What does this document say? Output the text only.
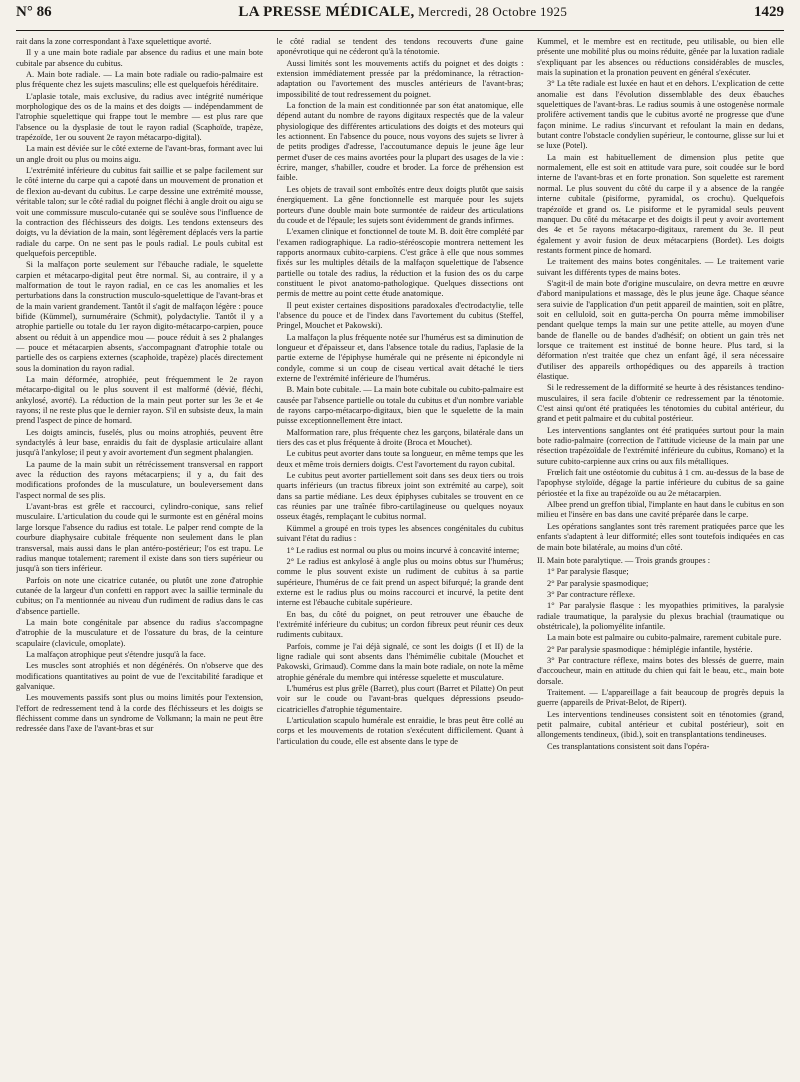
N° 86	LA PRESSE MÉDICALE, Mercredi, 28 Octobre 1925	1429

rait dans la zone correspondant à l'axe squelettique avorté.

Il y a une main bote radiale par absence du radius et une main bote cubitale par absence du cubitus.

A. Main bote radiale. — La main bote radiale ou radio-palmaire est plus fréquente chez les sujets masculins; elle est quelquefois héréditaire.

L'aplasie totale, mais exclusive, du radius avec intégrité numérique morphologique des os de la mains et des doigts — indépendamment de l'atrophie squelettique qui frappe tout le membre — est plus rare que l'absence ou la dysplasie de tout le rayon radial (Scaphoïde, trapèze, trapézoïde, 1er ou souvent 2e rayon métacarpo-digital).

La main est déviée sur le côté externe de l'avant-bras, formant avec lui un angle droit ou plus ou moins aigu.

L'extrémité inférieure du cubitus fait saillie et se palpe facilement sur le côté interne du carpe qui a capoté dans un mouvement de pronation et de flexion au-devant du cubitus. Le carpe dessine une extrémité mousse, véritable talon; sur le côté radial du poignet fléchi à angle droit ou aigu se voit une commissure musculo-cutanée qui se soulève sous l'influence de la contraction des fléchisseurs des doigts. Les tendons extenseurs des doigts, vu la déviation de la main, sont légèrement déplacés vers la partie radiale du carpe. On ne sent pas le pouls radial. Le pouls cubital est quelquefois perceptible.

Si la malfaçon porte seulement sur l'ébauche radiale, le squelette carpien et métacarpo-digital peut être normal. Si, au contraire, il y a malformation de tout le rayon radial, en ce cas les anomalies et les perturbations dans la construction musculo-squelettique de l'avant-bras et de la main varient grandement. Tantôt il s'agit de malfaçon légère : pouce bifide (Kümmel), surnuméraire (Schmit), polydactylie. Tantôt il y a atrophie partielle ou totale du 1er rayon digito-métacarpo-carpien, pouce absent ou réduit à un appendice mou — pouce réduit à ses 2 phalanges — pouce et métacarpien absents, s'accompagnant d'atrophie totale ou partielle des os carpiens externes (scaphoïde, trapèze) placés directement sous la domination du rayon radial.

La main déformée, atrophiée, peut fréquemment le 2e rayon métacarpo-digital ou le plus souvent il est malformé (dévié, fléchi, ankylosé, avorté). La réduction de la main peut porter sur les 3e et 4e rayons; il ne reste plus que le dernier rayon. S'il en subsiste deux, la main prend l'aspect de pince de homard.

Les doigts amincis, fuselés, plus ou moins atrophiés, peuvent être syndactylés à leur base, enraidis du fait de dysplasie articulaire allant jusqu'à l'ankylose; il peut y avoir avortement d'un segment phalangien.

La paume de la main subit un rétrécissement transversal en rapport avec la réduction des rayons métacarpiens; il y a, du fait des modifications profondes de la musculature, un bouleversement dans l'aspect normal de ses plis.

L'avant-bras est grêle et raccourci, cylindro-conique, sans relief musculaire. L'articulation du coude qui le surmonte est en général moins large lorsque l'absence du radius est totale. Le palper rend compte de la courbure diaphysaire cubitale fréquente non seulement dans le plan transversal, mais aussi dans le plan antéro-postérieur; l'os est trapu. Le radius manque totalement; rarement il existe dans son tiers supérieur ou jusqu'à son tiers inférieur.

Parfois on note une cicatrice cutanée, ou plutôt une zone d'atrophie cutanée de la largeur d'un confetti en rapport avec la saillie terminale du cubitus; on l'a mentionnée au niveau d'un rudiment de radius dans le cas d'absence partielle.

La main bote congénitale par absence du radius s'accompagne d'atrophie de la musculature et de l'ossature du bras, de la ceinture scapulaire (clavicule, omoplate).

La malfaçon atrophique peut s'étendre jusqu'à la face.

Les muscles sont atrophiés et non dégénérés. On n'observe que des modifications quantitatives au point de vue de l'excitabilité faradique et galvanique.

Les mouvements passifs sont plus ou moins limités pour l'extension, l'effort de redressement tend à la corde des fléchisseurs et les doigts se fléchissent comme dans un syndrome de Volkmann; la main ne peut être redressée dans l'axe de l'avant-bras et sur

le côté radial se tendent des tendons recouverts d'une gaine aponévrotique qui ne céderont qu'à la ténotomie.

Aussi limités sont les mouvements actifs du poignet et des doigts : extension immédiatement pressée par la prédominance, la rétraction-adaptation ou l'avortement des muscles antérieurs de l'avant-bras; impossibilité de tout redressement du poignet.

La fonction de la main est conditionnée par son état anatomique, elle dépend autant du nombre de rayons digitaux respectés que de la valeur physiologique des différentes articulations des doigts et des moteurs qui les actionnent. En l'absence du pouce, nous voyons des sujets se livrer à de petits prodiges d'adresse, l'accoutumance depuis le jeune âge leur permet d'user de ces mains avortées pour la plupart des usages de la vie : écrire, manger, s'habiller, coudre et broder. La force de préhension est faible.

Les objets de travail sont emboîtés entre deux doigts plutôt que saisis énergiquement. La gêne fonctionnelle est marquée pour les sujets porteurs d'une double main bote surmontée de raideur des articulations du coude et de l'épaule; les sujets sont évidemment de grands infirmes.

L'examen clinique et fonctionnel de toute M. B. doit être complété par l'examen radiographique. La radio-stéréoscopie montrera nettement les rapports anormaux cubito-carpiens. C'est grâce à elle que nous sommes fixés sur les multiples détails de la malfaçon squelettique de l'absence partielle ou totale des radius, la réduction et la fusion des os du carpe constituent le pivot anatomo-pathologique. Quelques dissections ont permis de mettre au point cette étude anatomique.

Il peut exister certaines dispositions paradoxales d'ectrodactylie, telle l'absence du pouce et de l'index dans l'avortement du cubitus (Steffel, Pringel, Mouchet et Pakowski).

La malfaçon la plus fréquente notée sur l'humérus est sa diminution de longueur et d'épaisseur et, dans l'absence totale du radius, l'aplasie de la partie externe de l'épiphyse humérale qui ne présente ni épicondyle ni condyle, comme si un coup de ciseau vertical avait détaché le tiers externe de l'extrémité inférieure de l'humérus.

B. Main bote cubitale. — La main bote cubitale ou cubito-palmaire est causée par l'absence partielle ou totale du cubitus et d'un nombre variable de rayons carpo-métacarpo-digitaux, bien que le squelette de la main puisse exceptionnellement être intact.

Malformation rare, plus fréquente chez les garçons, bilatérale dans un tiers des cas et plus fréquente à droite (Broca et Mouchet).

Le cubitus peut avorter dans toute sa longueur, en même temps que les deux et même trois derniers doigts. C'est l'avortement du rayon cubital.

Le cubitus peut avorter partiellement soit dans ses deux tiers ou trois quarts inférieurs (un tractus fibreux joint son extrémité au carpe), soit dans sa partie médiane. Les deux épiphyses cubitales se trouvent en ce cas réunies par une traînée fibro-cartilagineuse ou quelques noyaux osseux étagés, remplaçant le cubitus normal.

Kümmel a groupé en trois types les absences congénitales du cubitus suivant l'état du radius :

1° Le radius est normal ou plus ou moins incurvé à concavité interne;

2° Le radius est ankylosé à angle plus ou moins obtus sur l'humérus; comme le plus souvent existe un rudiment de cubitus à sa partie supérieure, l'humérus de ce fait prend un aspect bifurqué; la grande dent externe est le radius plus ou moins raccourci et incurvé, la petite dent interne est l'ébauche cubitale supérieure.

En bas, du côté du poignet, on peut retrouver une ébauche de l'extrémité inférieure du cubitus; un cordon fibreux peut réunir ces deux rudiments cubitaux.

Parfois, comme je l'ai déjà signalé, ce sont les doigts (I et II) de la ligne radiale qui sont absents dans l'hémimélie cubitale (Mouchet et Pakowski, Grimaud). Comme dans la main bote radiale, on note la même atrophie générale du membre qui intéresse squelette et musculature.

L'humérus est plus grêle (Barret), plus court (Barret et Pilatte) On peut voir sur le coude ou l'avant-bras quelques dépressions pseudo-cicatricielles d'atrophie tégumentaire.

L'articulation scapulo humérale est enraidie, le bras peut être collé au corps et les mouvements de rotation s'exécutent difficilement. Quant à l'articulation du coude, elle est absente dans le type de

Kummel, et le membre est en rectitude, peu utilisable, ou bien elle présente une mobilité plus ou moins réduite, gênée par la luxation radiale s'expliquant par les absences ou réductions considérables de muscles, mais la supination et la pronation peuvent en général s'exécuter.

3° La tête radiale est luxée en haut et en dehors. L'explication de cette anomalie est dans l'évolution dissemblable des deux ébauches squelettiques de l'avant-bras. Le radius soumis à une ostogenèse normale prolifère activement tandis que le cubitus avorté ne progresse que d'une façon minime. Le radius s'incurvant et refoulant la main en dedans, butant contre l'obstacle condylien supérieur, le contourne, glisse sur lui et se luxe (Potel).

La main est habituellement de dimension plus petite que normalement, elle est soit en attitude vara pure, soit coudée sur le bord interne de l'avant-bras et en forte pronation. Son squelette est rarement normal. Le plus souvent du côté du carpe il y a absence de la rangée interne cubitale (pisiforme, pyramidal, os crochu). Quelquefois trapézoïde et grand os. Le pisiforme et le pyramidal seuls peuvent manquer. Du côté du métacarpe et des doigts il peut y avoir avortement des 4e et 5e rayons métacarpo-digitaux, rarement du 3e. Il peut également y avoir fusion de deux métacarpiens (Bordet). Les doigts restants forment pince de homard.

Le traitement des mains botes congénitales. — Le traitement varie suivant les différents types de mains botes.

S'agit-il de main bote d'origine musculaire, on devra mettre en œuvre d'abord manipulations et massage, dès le plus jeune âge. Chaque séance sera suivie de l'application d'un petit appareil de maintien, soit en plâtre, soit en celluloïd, soit en gutta-percha On pourra même immobiliser pendant quelque temps la main sur une petite attelle, au moyen d'une bande de flanelle ou de bandes d'adhésif; on obtient un gain très net lorsque ce traitement est institué de bonne heure. Plus tard, si la déformation n'est traitée que chez un enfant âgé, il sera nécessaire d'utiliser des appareils orthopédiques ou des appareils à traction élastique.

Si le redressement de la difformité se heurte à des résistances tendino-musculaires, il sera facile d'obtenir ce redressement par la ténotomie. C'est ainsi qu'ont été pratiquées les ténotomies du cubital antérieur, du grand et petit palmaire et du cubital postérieur.

Les interventions sanglantes ont été pratiquées surtout pour la main bote radio-palmaire (correction de l'attitude vicieuse de la main par une résection trapézoïdale de l'extrémité inférieure du cubitus, Romano) et la suture cubito-carpienne aux crins ou aux fils métalliques.

Frœlich fait une ostéotomie du cubitus à 1 cm. au-dessus de la base de l'apophyse styloïde, dégage la partie inférieure du cubitus de sa gaine périostée et la fixe au trapézoïde ou au 2e métacarpien.

Albee prend un greffon tibial, l'implante en haut dans le cubitus en son milieu et l'insère en bas dans une cavité préparée dans le carpe.

Les opérations sanglantes sont très rarement pratiquées parce que les enfants s'adaptent à leur difformité; elles sont toutefois indiquées en cas de main bote bilatérale, au moins d'un côté.

II. Main bote paralytique. — Trois grands groupes :

1° Par paralysie flasque;

2° Par paralysie spasmodique;

3° Par contracture réflexe.

1° Par paralysie flasque : les myopathies primitives, la paralysie radiale traumatique, la paralysie du plexus brachial (traumatique ou obstétricale), la poliomyélite infantile.

La main bote est palmaire ou cubito-palmaire, rarement cubitale pure.

2° Par paralysie spasmodique : hémiplégie infantile, hystérie.

3° Par contracture réflexe, mains botes des blessés de guerre, main d'accoucheur, main en attitude du chien qui fait le beau, etc., main bote dorsale.

Traitement. — L'appareillage a fait beaucoup de progrès depuis la guerre (appareils de Privat-Belot, de Ripert).

Les interventions tendineuses consistent soit en ténotomies (grand, petit palmaire, cubital antérieur et cubital postérieur), soit en allongements tendineux, (ibid.), soit en transplantations tendineuses.

Ces transplantations consistent soit dans l'opéra-
